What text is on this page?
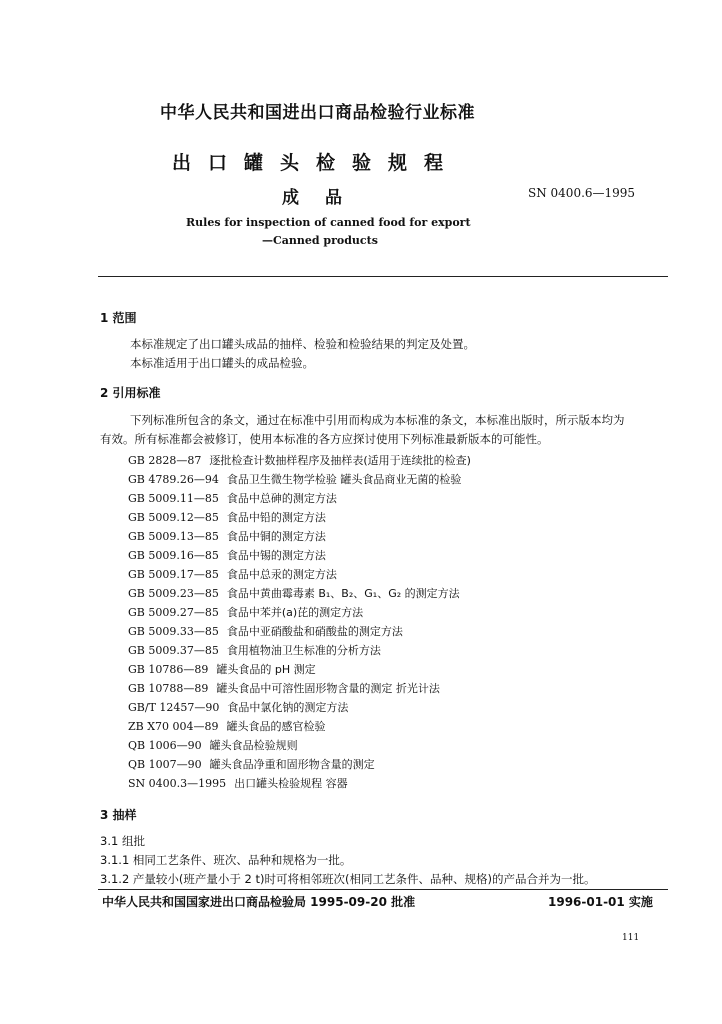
中华人民共和国进出口商品检验行业标准
出口罐头检验规程
成品	SN 0400.6—1995
Rules for inspection of canned food for export
—Canned products
1 范围
本标准规定了出口罐头成品的抽样、检验和检验结果的判定及处置。
本标准适用于出口罐头的成品检验。
2 引用标准
下列标准所包含的条文，通过在标准中引用而构成为本标准的条文，本标准出版时，所示版本均为
有效。所有标准都会被修订，使用本标准的各方应探讨使用下列标准最新版本的可能性。
GB 2828—87 逐批检查计数抽样程序及抽样表(适用于连续批的检查)
GB 4789.26—94 食品卫生微生物学检验 罐头食品商业无菌的检验
GB 5009.11—85 食品中总砷的测定方法
GB 5009.12—85 食品中铅的测定方法
GB 5009.13—85 食品中铜的测定方法
GB 5009.16—85 食品中锡的测定方法
GB 5009.17—85 食品中总汞的测定方法
GB 5009.23—85 食品中黄曲霉毒素 B₁、B₂、G₁、G₂ 的测定方法
GB 5009.27—85 食品中苯并(a)芘的测定方法
GB 5009.33—85 食品中亚硝酸盐和硝酸盐的测定方法
GB 5009.37—85 食用植物油卫生标准的分析方法
GB 10786—89 罐头食品的 pH 测定
GB 10788—89 罐头食品中可溶性固形物含量的测定 折光计法
GB/T 12457—90 食品中氯化钠的测定方法
ZB X70 004—89 罐头食品的感官检验
QB 1006—90 罐头食品检验规则
QB 1007—90 罐头食品净重和固形物含量的测定
SN 0400.3—1995 出口罐头检验规程 容器
3 抽样
3.1 组批
3.1.1 相同工艺条件、班次、品种和规格为一批。
3.1.2 产量较小(班产量小于 2 t)时可将相邻班次(相同工艺条件、品种、规格)的产品合并为一批。
中华人民共和国国家进出口商品检验局 1995-09-20 批准	1996-01-01 实施
111
